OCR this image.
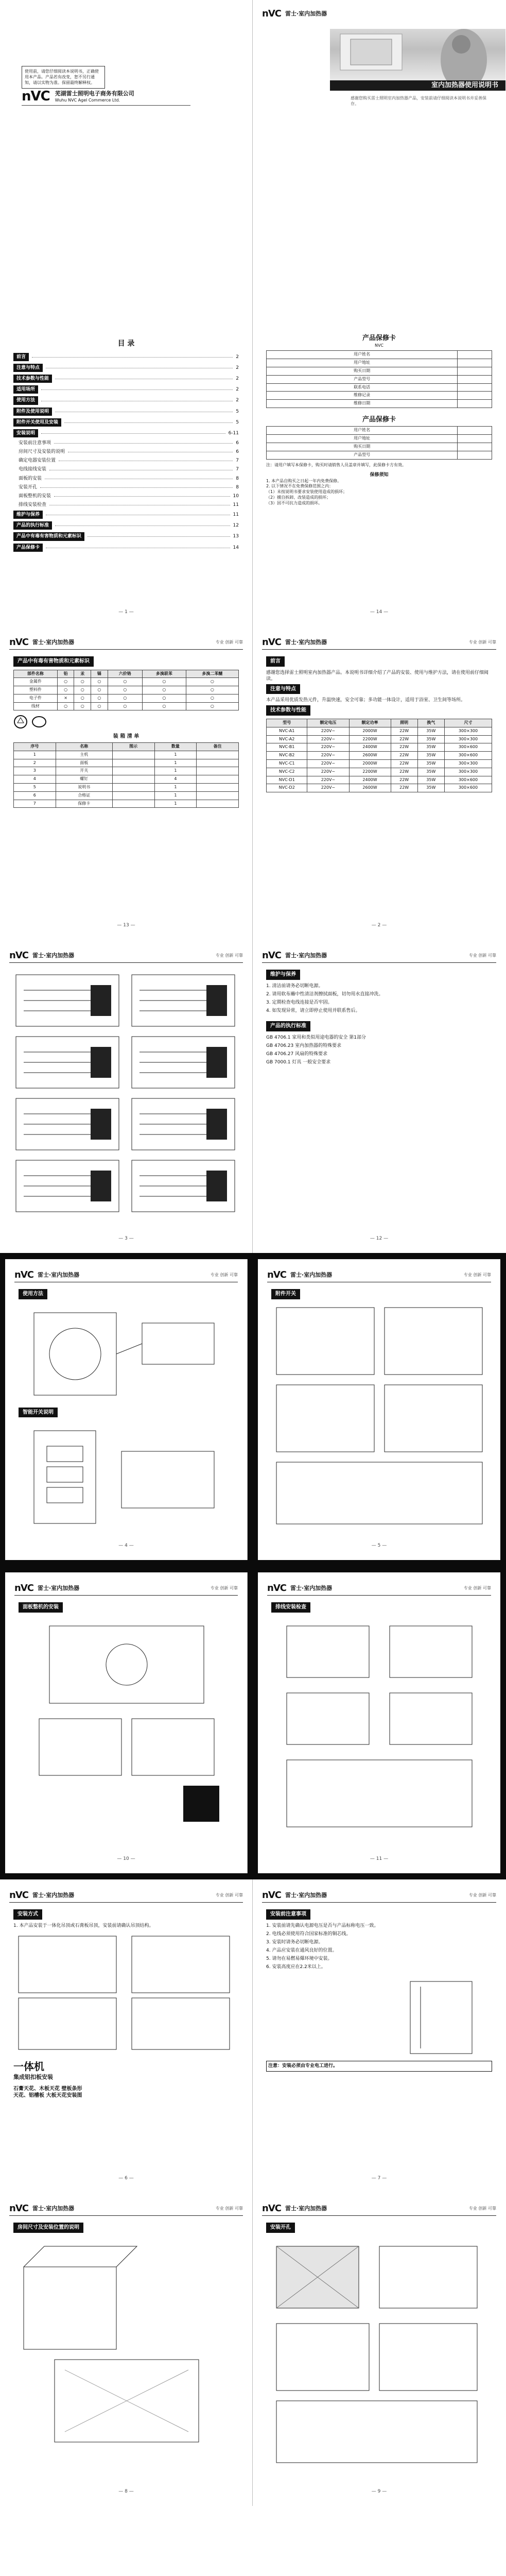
使用前，请您仔细阅读本说明书，正确使用本产品。产品若有改变，恕不另行通知，请以实物为准。保留最终解释权。
nVC 芜湖雷士照明电子商务有限公司
Wuhu NVC Agel Commerce Ltd.
nVC 雷士·室内加热器
室内加热器使用说明书
感谢您购买雷士照明室内加热器产品，安装前请仔细阅读本说明书并妥善保存。
目 录
前言	2
注意与特点	2
技术参数与性能	2
适用场所	2
使用方法	2
附件及使用说明	5
附件开关使用及安装	5
安装说明	6-11
安装前注意事项	6
房间尺寸及安装的说明	6
确定电器安装位置	7
电线接线安装	7
面板的安装	8
安装开孔	8
面板整机的安装	10
排线安装检查	11
维护与保养	11
产品的执行标准	12
产品中有毒有害物质和元素标识	13
产品保修卡	14
— 1 —
产品保修卡
NVC
用户姓名	
用户地址	
购买日期	
产品型号	
联系电话	
维修记录	
维修日期	
产品保修卡
用户姓名	
用户地址	
购买日期	
产品型号	
注：请用户填写本保修卡，购买时请销售人员盖章并填写，此保修卡方有效。
保修须知
1. 本产品自购买之日起一年内免费保修。
2. 以下情况不在免费保修范围之内：
（1）未按说明书要求安装使用造成的损坏；
（2）擅自拆卸、改装造成的损坏；
（3）因不可抗力造成的损坏。
— 14 —
nVC 雷士·室内加热器	专业 创新 可靠
产品中有毒有害物质和元素标识
部件名称	铅	汞	镉	六价铬	多溴联苯	多溴二苯醚
金属件	○	○	○	○	○	○
塑料件	○	○	○	○	○	○
电子件	×	○	○	○	○	○
线材	○	○	○	○	○	○
装 箱 清 单
序号	名称	图示	数量	备注
1	主机		1	
2	面板		1	
3	开关		1	
4	螺钉		4	
5	说明书		1	
6	合格证		1	
7	保修卡		1	
— 13 —
nVC 雷士·室内加热器	专业 创新 可靠
前言

感谢您选择雷士照明室内加热器产品。本说明书详细介绍了产品的安装、使用与维护方法，请在使用前仔细阅读。

注意与特点

本产品采用优质发热元件，升温快速，安全可靠；多功能一体设计，适用于浴室、卫生间等场所。

技术参数与性能
型号	额定电压	额定功率	照明	换气	尺寸
NVC-A1	220V~	2000W	22W	35W	300×300
NVC-A2	220V~	2200W	22W	35W	300×300
NVC-B1	220V~	2400W	22W	35W	300×600
NVC-B2	220V~	2600W	22W	35W	300×600
NVC-C1	220V~	2000W	22W	35W	300×300
NVC-C2	220V~	2200W	22W	35W	300×300
NVC-D1	220V~	2400W	22W	35W	300×600
NVC-D2	220V~	2600W	22W	35W	300×600
— 2 —
nVC 雷士·室内加热器	专业 创新 可靠
— 3 —
nVC 雷士·室内加热器	专业 创新 可靠
维护与保养

1. 清洁前请务必切断电源。

2. 请用软布蘸中性清洁剂擦拭面板，切勿用水直接冲洗。

3. 定期检查电线连接是否牢固。

4. 如发现异常，请立即停止使用并联系售后。

产品的执行标准

GB 4706.1 家用和类似用途电器的安全 第1部分

GB 4706.23 室内加热器的特殊要求

GB 4706.27 风扇的特殊要求

GB 7000.1 灯具 一般安全要求

— 12 —
nVC 雷士·室内加热器	专业 创新 可靠
使用方法  智能开关说明
— 4 —
nVC 雷士·室内加热器	专业 创新 可靠
附件开关
— 5 —
nVC 雷士·室内加热器	专业 创新 可靠
面板整机的安装
— 10 —
nVC 雷士·室内加热器	专业 创新 可靠
排线安装检查
— 11 —
nVC 雷士·室内加热器	专业 创新 可靠
安装方式

1. 本产品安装于一体化吊顶或石膏板吊顶，安装前请确认吊顶结构。

一体机
集成铝扣板安装
石膏天花、木板天花 壁板条形天花、铝槽板 大板天花安装图
— 6 —
nVC 雷士·室内加热器	专业 创新 可靠
安装前注意事项

1. 安装前请先确认电源电压是否与产品标称电压一致。

2. 电线必须使用符合国家标准的铜芯线。

3. 安装时请务必切断电源。

4. 产品应安装在通风良好的位置。

5. 请勿在易燃易爆环境中安装。

6. 安装高度应在2.2米以上。

注意：安装必须由专业电工进行。
— 7 —
nVC 雷士·室内加热器	专业 创新 可靠
房间尺寸及安装位置的说明
— 8 —
nVC 雷士·室内加热器	专业 创新 可靠
安装开孔
— 9 —
